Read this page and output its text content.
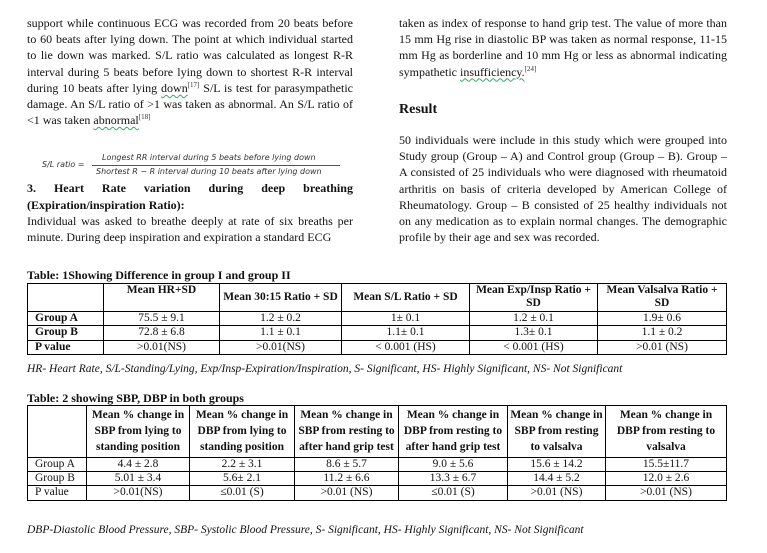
support while continuous ECG was recorded from 20 beats before to 60 beats after lying down. The point at which individual started to lie down was marked. S/L ratio was calculated as longest R-R interval during 5 beats before lying down to shortest R-R interval during 10 beats after lying down[17] S/L is test for parasympathetic damage. An S/L ratio of >1 was taken as abnormal. An S/L ratio of <1 was taken abnormal[18]

3. Heart Rate variation during deep breathing
(Expiration/inspiration Ratio):

Individual was asked to breathe deeply at rate of six breaths per minute. During deep inspiration and expiration a standard ECG

S/L ratio =
Longest RR interval during 5 beats before lying down
Shortest R − R interval during 10 beats after lying down

taken as index of response to hand grip test. The value of more than 15 mm Hg rise in diastolic BP was taken as normal response, 11-15 mm Hg as borderline and 10 mm Hg or less as abnormal indicating sympathetic insufficiency.[24]

Result

50 individuals were include in this study which were grouped into Study group (Group – A) and Control group (Group – B). Group – A consisted of 25 individuals who were diagnosed with rheumatoid arthritis on basis of criteria developed by American College of Rheumatology. Group – B consisted of 25 healthy individuals not on any medication as to explain normal changes. The demographic profile by their age and sex was recorded.

Table: 1Showing Difference in group I and group II
	Mean HR+SD	Mean 30:15 Ratio + SD	Mean S/L Ratio + SD	Mean Exp/Insp Ratio + SD	Mean Valsalva Ratio + SD
Group A	75.5 ± 9.1	1.2 ± 0.2	1± 0.1	1.2 ± 0.1	1.9± 0.6
Group B	72.8 ± 6.8	1.1 ± 0.1	1.1± 0.1	1.3± 0.1	1.1 ± 0.2
P value	>0.01(NS)	>0.01(NS)	< 0.001 (HS)	< 0.001 (HS)	>0.01 (NS)
HR- Heart Rate, S/L-Standing/Lying, Exp/Insp-Expiration/Inspiration, S- Significant, HS- Highly Significant, NS- Not Significant
Table: 2 showing SBP, DBP in both groups
	Mean % change in SBP from lying to standing position	Mean % change in DBP from lying to standing position	Mean % change in SBP from resting to after hand grip test	Mean % change in DBP from resting to after hand grip test	Mean % change in SBP from resting to valsalva	Mean % change in DBP from resting to valsalva
Group A	4.4 ± 2.8	2.2 ± 3.1	8.6 ± 5.7	9.0 ± 5.6	15.6 ± 14.2	15.5±11.7
Group B	5.01 ± 3.4	5.6± 2.1	11.2 ± 6.6	13.3 ± 6.7	14.4 ± 5.2	12.0 ± 2.6
P value	>0.01(NS)	≤0.01 (S)	>0.01 (NS)	≤0.01 (S)	>0.01 (NS)	>0.01 (NS)
DBP-Diastolic Blood Pressure, SBP- Systolic Blood Pressure, S- Significant, HS- Highly Significant, NS- Not Significant
